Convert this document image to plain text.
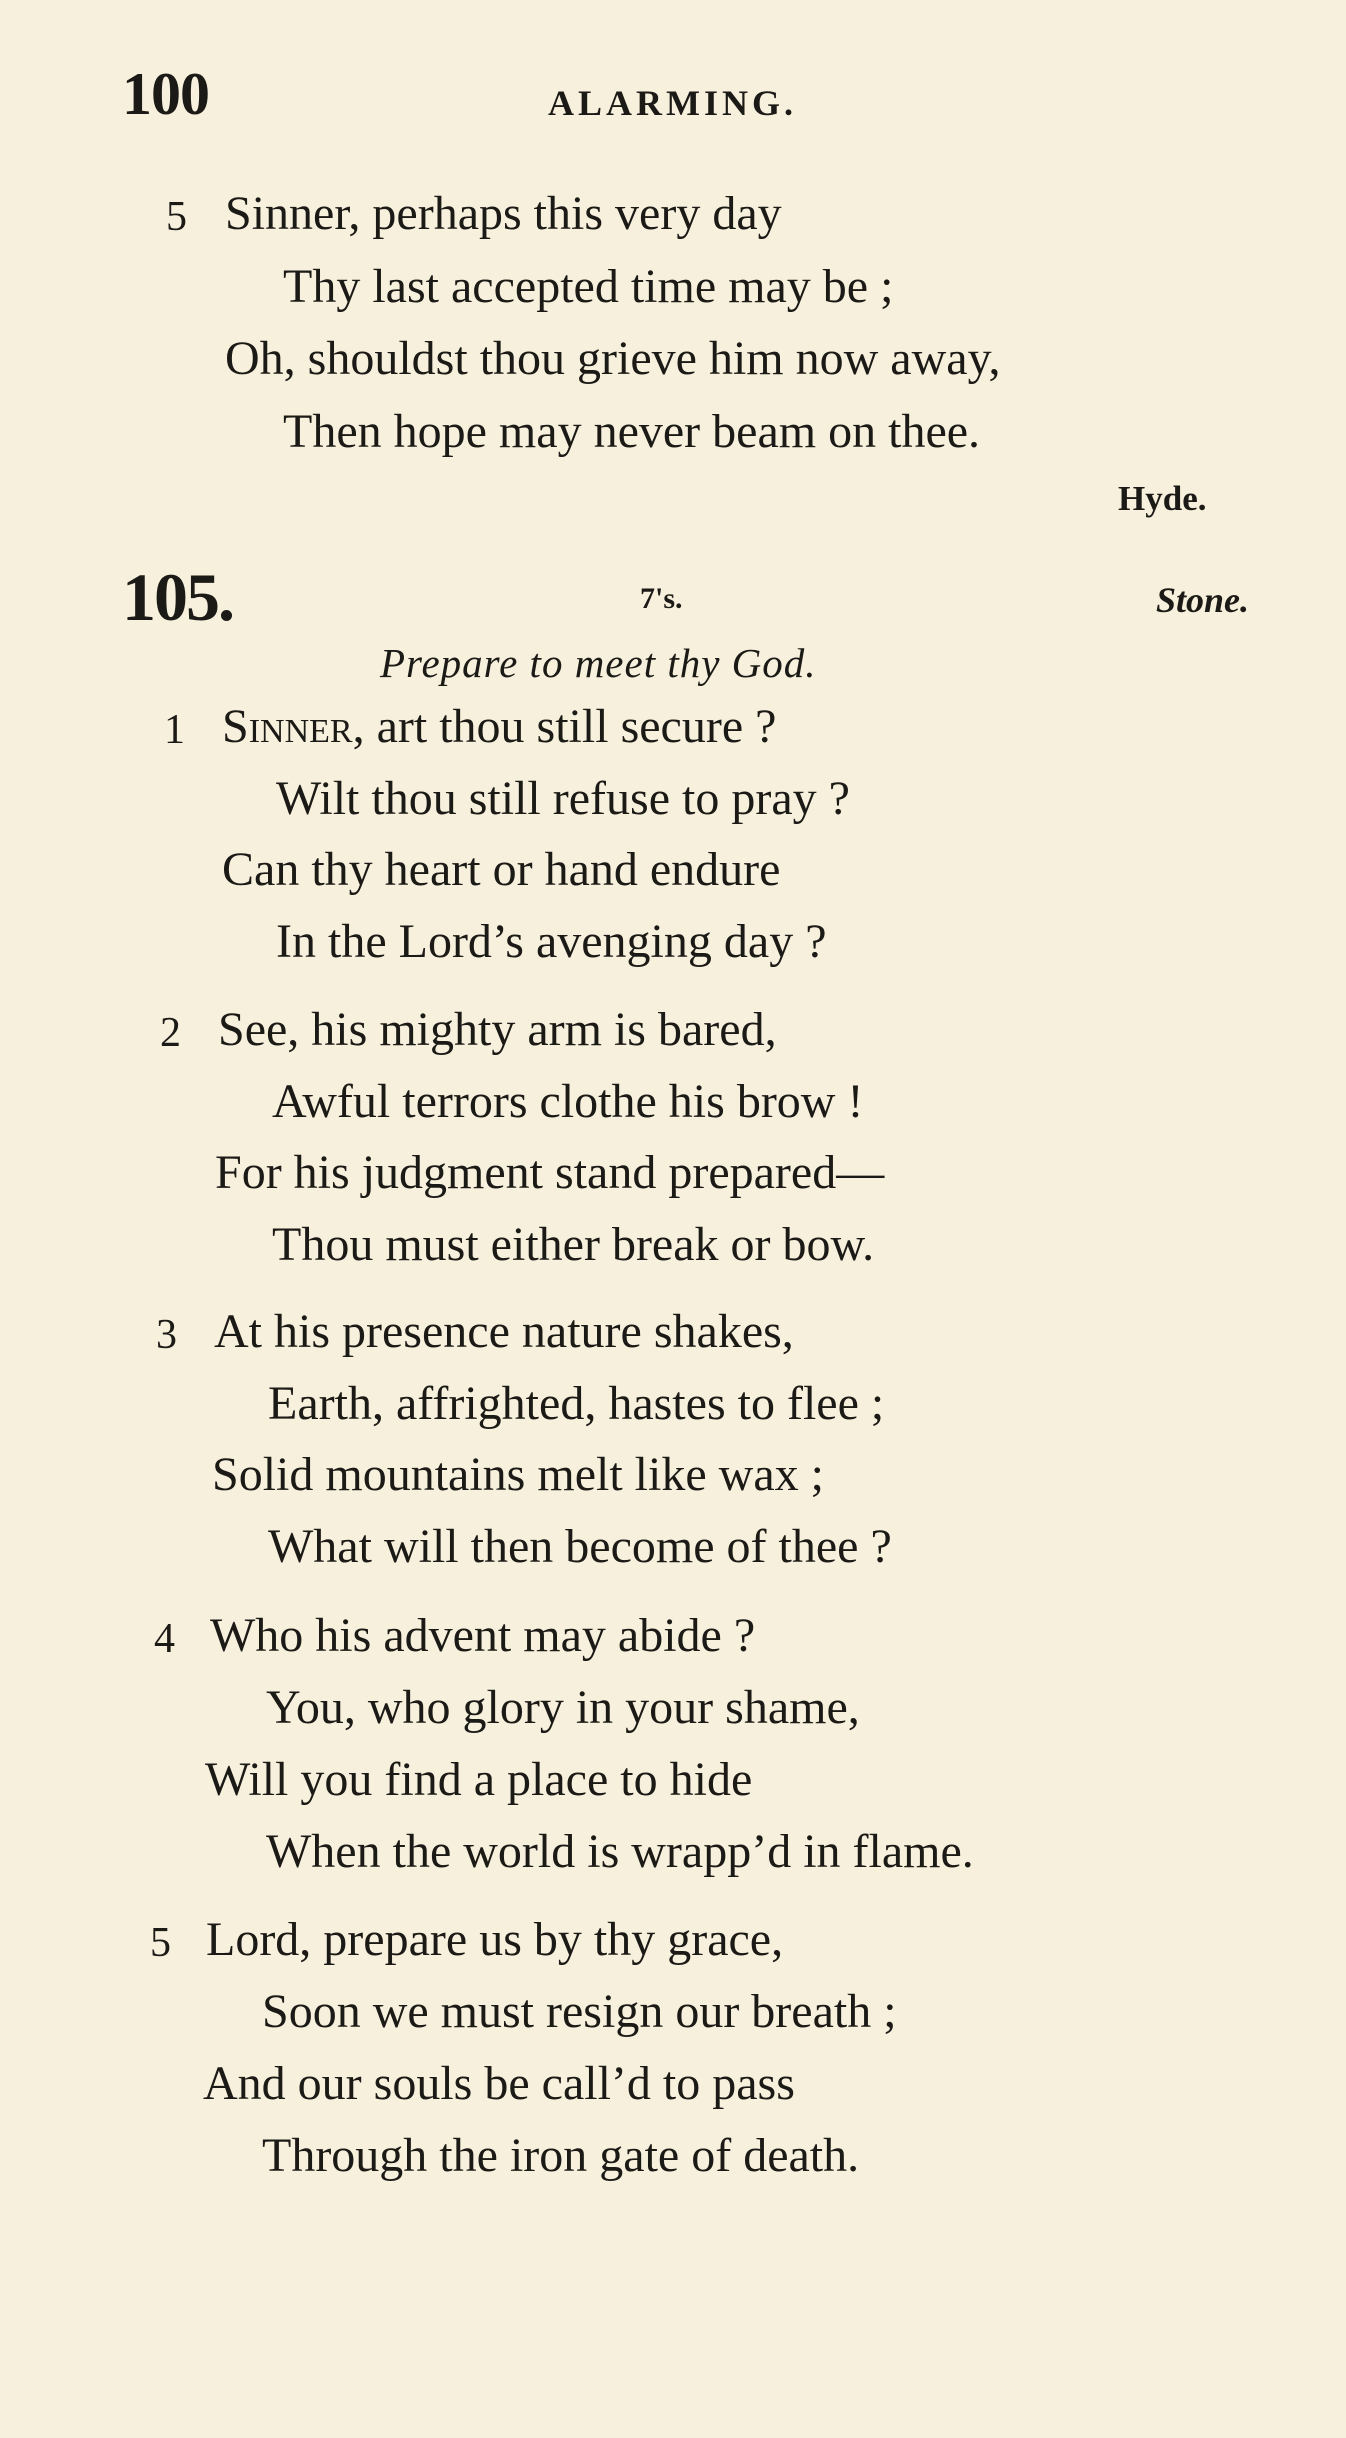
100	ALARMING.
5 Sinner, perhaps this very day
Thy last accepted time may be ;
Oh, shouldst thou grieve him now away,
Then hope may never beam on thee.
Hyde.
105.	7's.	Stone.
Prepare to meet thy God.
1 Sinner, art thou still secure ?
Wilt thou still refuse to pray ?
Can thy heart or hand endure
In the Lord’s avenging day ?
2 See, his mighty arm is bared,
Awful terrors clothe his brow !
For his judgment stand prepared—
Thou must either break or bow.
3 At his presence nature shakes,
Earth, affrighted, hastes to flee ;
Solid mountains melt like wax ;
What will then become of thee ?
4 Who his advent may abide ?
You, who glory in your shame,
Will you find a place to hide
When the world is wrapp’d in flame.
5 Lord, prepare us by thy grace,
Soon we must resign our breath ;
And our souls be call’d to pass
Through the iron gate of death.
